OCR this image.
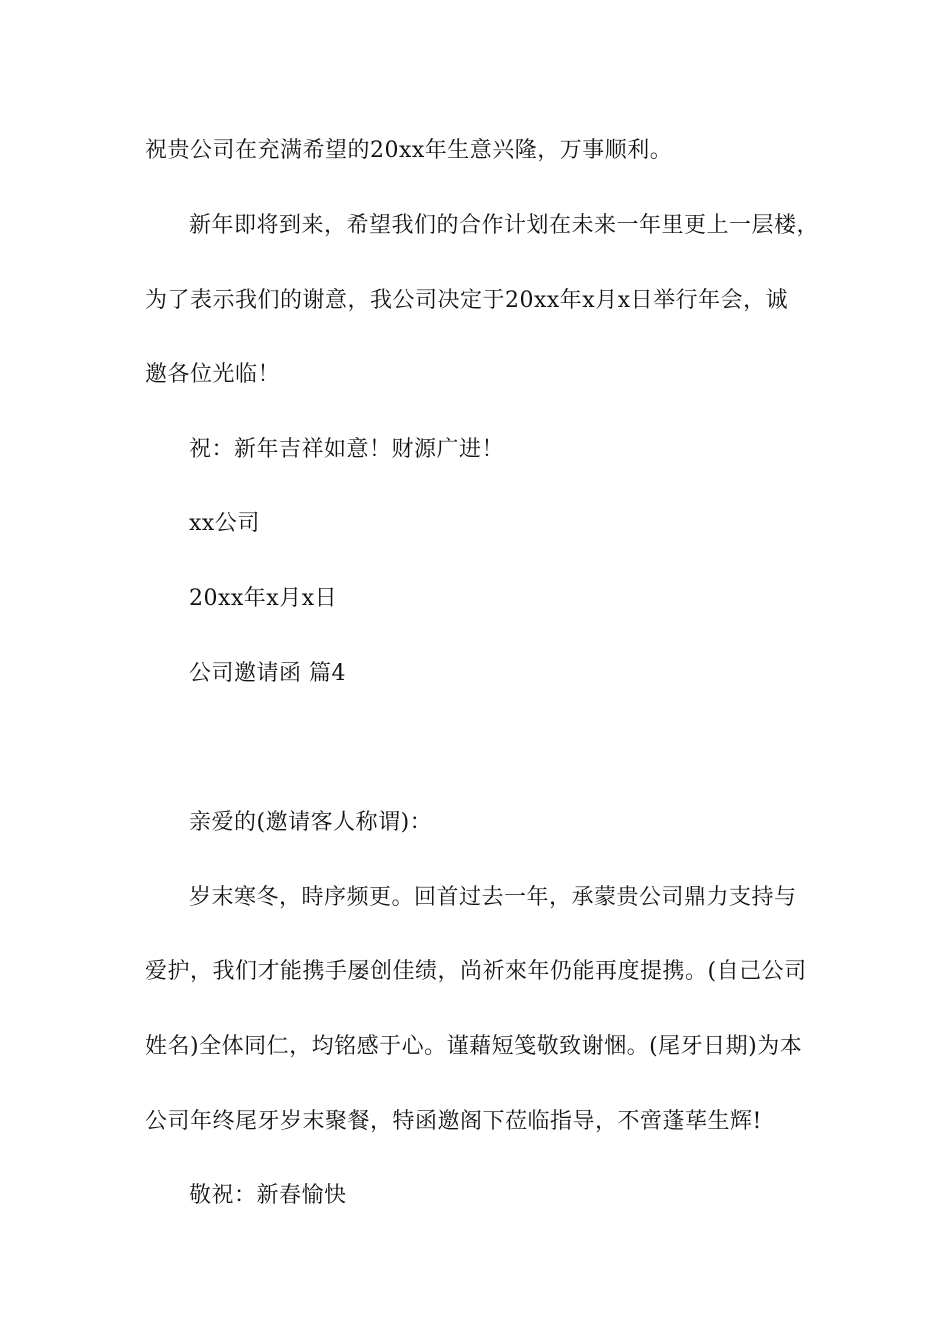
祝贵公司在充满希望的20xx年生意兴隆，万事顺利。
新年即将到来，希望我们的合作计划在未来一年里更上一层楼，
为了表示我们的谢意，我公司决定于20xx年x月x日举行年会，诚
邀各位光临！
祝：新年吉祥如意！财源广进！
xx公司
20xx年x月x日
公司邀请函 篇4
亲爱的(邀请客人称谓)：
岁末寒冬，時序频更。回首过去一年，承蒙贵公司鼎力支持与
爱护，我们才能携手屡创佳绩，尚祈來年仍能再度提携。(自己公司
姓名)全体同仁，均铭感于心。谨藉短笺敬致谢悃。(尾牙日期)为本
公司年终尾牙岁末聚餐，特函邀阁下莅临指导，不啻蓬荜生辉!
敬祝：新春愉快
